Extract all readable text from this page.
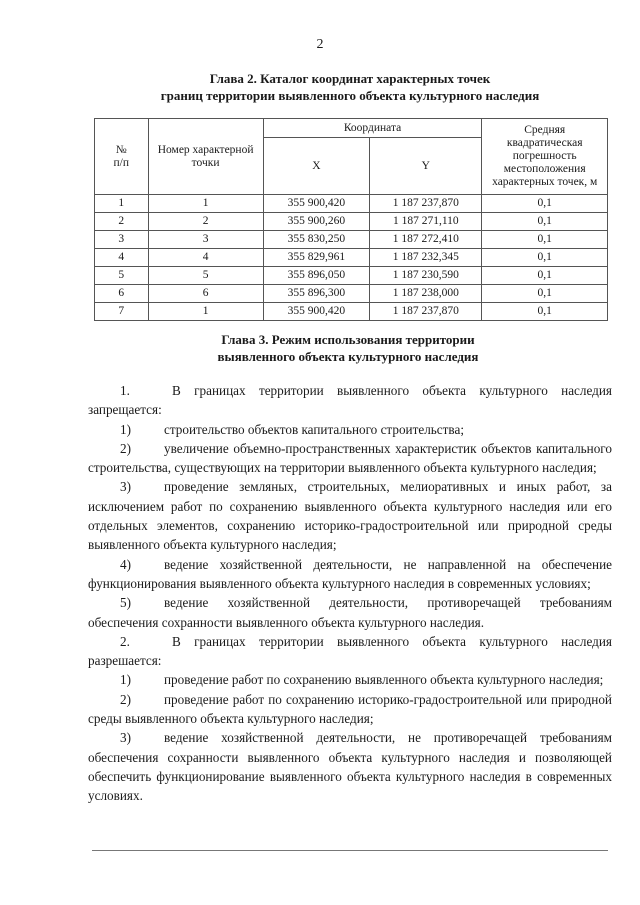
2
Глава 2. Каталог координат характерных точек
границ территории выявленного объекта культурного наследия
№
п/п	Номер характерной точки	Координата		Средняя квадратическая погрешность местоположения характерных точек, м
		X	Y	
1	1	355 900,420	1 187 237,870	0,1
2	2	355 900,260	1 187 271,110	0,1
3	3	355 830,250	1 187 272,410	0,1
4	4	355 829,961	1 187 232,345	0,1
5	5	355 896,050	1 187 230,590	0,1
6	6	355 896,300	1 187 238,000	0,1
7	1	355 900,420	1 187 237,870	0,1
Глава 3. Режим использования территории
выявленного объекта культурного наследия

1.	В границах территории выявленного объекта культурного наследия запрещается:

1)	строительство объектов капитального строительства;

2)	увеличение объемно-пространственных характеристик объектов капитального строительства, существующих на территории выявленного объекта культурного наследия;

3)	проведение земляных, строительных, мелиоративных и иных работ, за исключением работ по сохранению выявленного объекта культурного наследия или его отдельных элементов, сохранению историко-градостроительной или природной среды выявленного объекта культурного наследия;

4)	ведение хозяйственной деятельности, не направленной на обеспечение функционирования выявленного объекта культурного наследия в современных условиях;

5)	ведение хозяйственной деятельности, противоречащей требованиям обеспечения сохранности выявленного объекта культурного наследия.

2.	В границах территории выявленного объекта культурного наследия разрешается:

1)	проведение работ по сохранению выявленного объекта культурного наследия;

2)	проведение работ по сохранению историко-градостроительной или природной среды выявленного объекта культурного наследия;

3)	ведение хозяйственной деятельности, не противоречащей требованиям обеспечения сохранности выявленного объекта культурного наследия и позволяющей обеспечить функционирование выявленного объекта культурного наследия в современных условиях.
